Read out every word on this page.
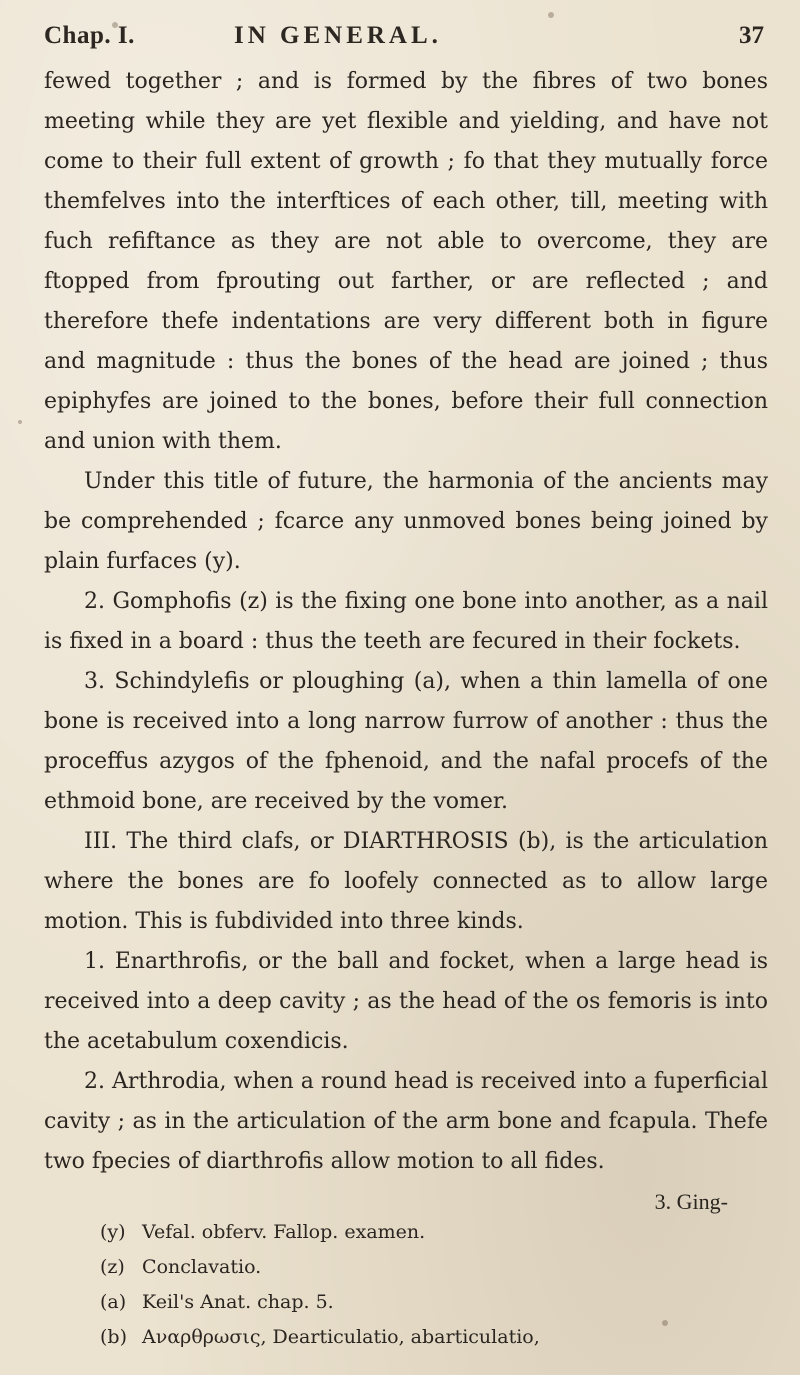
Chap. I.	IN GENERAL.	37

fewed together ; and is formed by the fibres of two bones meeting while they are yet flexible and yielding, and have not come to their full extent of growth ; fo that they mutually force themfelves into the interftices of each other, till, meeting with fuch refiftance as they are not able to overcome, they are ftopped from fprouting out farther, or are reflected ; and therefore thefe indentations are very different both in figure and magnitude : thus the bones of the head are joined ; thus epiphyfes are joined to the bones, before their full connection and union with them.

Under this title of future, the harmonia of the ancients may be comprehended ; fcarce any unmoved bones being joined by plain furfaces (y).

2. Gomphofis (z) is the fixing one bone into another, as a nail is fixed in a board : thus the teeth are fecured in their fockets.

3. Schindylefis or ploughing (a), when a thin lamella of one bone is received into a long narrow furrow of another : thus the proceffus azygos of the fphenoid, and the nafal procefs of the ethmoid bone, are received by the vomer.

III. The third clafs, or DIARTHROSIS (b), is the articulation where the bones are fo loofely connected as to allow large motion. This is fubdivided into three kinds.

1. Enarthrofis, or the ball and focket, when a large head is received into a deep cavity ; as the head of the os femoris is into the acetabulum coxendicis.

2. Arthrodia, when a round head is received into a fuperficial cavity ; as in the articulation of the arm bone and fcapula. Thefe two fpecies of diarthrofis allow motion to all fides.

3. Ging-

(y) Vefal. obferv. Fallop. examen.

(z) Conclavatio.

(a) Keil's Anat. chap. 5.

(b) Αναρθρωσις, Dearticulatio, abarticulatio,
